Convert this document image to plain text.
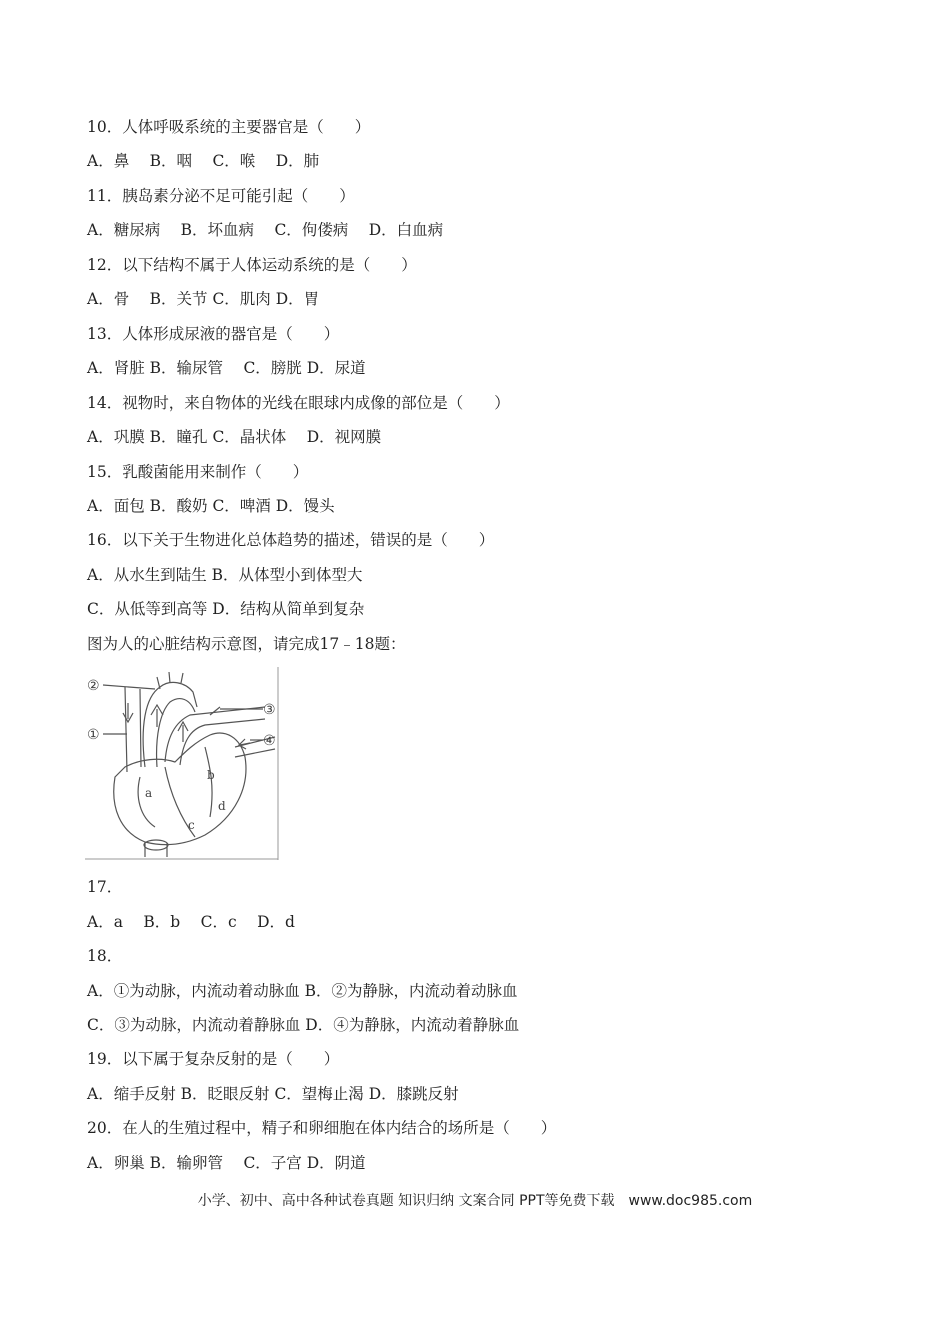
10．人体呼吸系统的主要器官是（　　）
A．鼻　 B．咽　 C．喉　 D．肺
11．胰岛素分泌不足可能引起（　　）
A．糖尿病　 B．坏血病　 C．佝偻病　 D．白血病
12．以下结构不属于人体运动系统的是（　　）
A．骨　 B．关节 C．肌肉 D．胃
13．人体形成尿液的器官是（　　）
A．肾脏 B．输尿管　 C．膀胱 D．尿道
14．视物时，来自物体的光线在眼球内成像的部位是（　　）
A．巩膜 B．瞳孔 C．晶状体　 D．视网膜
15．乳酸菌能用来制作（　　）
A．面包 B．酸奶 C．啤酒 D．馒头
16．以下关于生物进化总体趋势的描述，错误的是（　　）
A．从水生到陆生 B．从体型小到体型大
C．从低等到高等 D．结构从简单到复杂
图为人的心脏结构示意图，请完成17﹣18题：
②
①
③
④
a
b
c
d
17．
A．a　 B．b　 C．c　 D．d
18．
A．①为动脉，内流动着动脉血 B．②为静脉，内流动着动脉血
C．③为动脉，内流动着静脉血 D．④为静脉，内流动着静脉血
19．以下属于复杂反射的是（　　）
A．缩手反射 B．眨眼反射 C．望梅止渴 D．膝跳反射
20．在人的生殖过程中，精子和卵细胞在体内结合的场所是（　　）
A．卵巢 B．输卵管　 C．子宫 D．阴道
小学、初中、高中各种试卷真题 知识归纳 文案合同 PPT等免费下载　www.doc985.com
